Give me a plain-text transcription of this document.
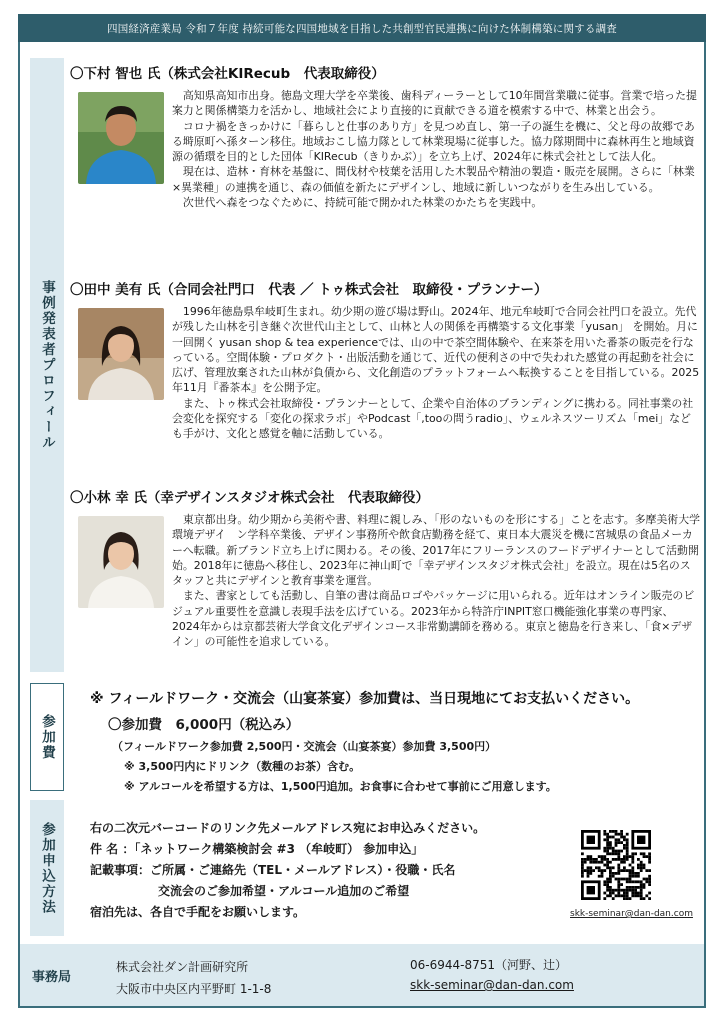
四国経済産業局 令和７年度 持続可能な四国地域を目指した共創型官民連携に向けた体制構築に関する調査
事例発表者プロフィール
参加費
参加申込方法
〇下村 智也 氏（株式会社KIRecub　代表取締役）

高知県高知市出身。徳島文理大学を卒業後、歯科ディーラーとして10年間営業職に従事。営業で培った提案力と関係構築力を活かし、地域社会により直接的に貢献できる道を模索する中で、林業と出会う。

コロナ禍をきっかけに「暮らしと仕事のあり方」を見つめ直し、第一子の誕生を機に、父と母の故郷である塒原町へ孫ターン移住。地域おこし協力隊として林業現場に従事した。協力隊期間中に森林再生と地域資源の循環を目的とした団体「KIRecub（きりかぶ）」を立ち上げ、2024年に株式会社として法人化。

現在は、造林・育林を基盤に、間伐材や枝葉を活用した木製品や精油の製造・販売を展開。さらに「林業×異業種」の連携を通じ、森の価値を新たにデザインし、地域に新しいつながりを生み出している。

次世代へ森をつなぐために、持続可能で開かれた林業のかたちを実践中。

〇田中 美有 氏（合同会社門口　代表 ／ トゥ株式会社　取締役・プランナー）

1996年徳島県牟岐町生まれ。幼少期の遊び場は野山。2024年、地元牟岐町で合同会社門口を設立。先代が残した山林を引き継ぐ次世代山主として、山林と人の関係を再構築する文化事業「yusan」 を開始。月に一回開く yusan shop & tea experienceでは、山の中で茶空間体験や、在来茶を用いた番茶の販売を行なっている。空間体験・プロダクト・出版活動を通じて、近代の便利さの中で失われた感覚の再起動を社会に広げ、管理放棄された山林が負債から、文化創造のプラットフォームへ転換することを目指している。2025年11月『番茶本』を公開予定。

また、トゥ株式会社取締役・プランナーとして、企業や自治体のブランディングに携わる。同社事業の社会変化を探究する「変化の探求ラボ」やPodcast「,tooの問うradio」、ウェルネスツーリズム「mei」なども手がけ、文化と感覚を軸に活動している。

〇小林 幸 氏（幸デザインスタジオ株式会社　代表取締役）

東京都出身。幼少期から美術や書、料理に親しみ、「形のないものを形にする」ことを志す。多摩美術大学環境デザイ　ン学科卒業後、デザイン事務所や飲食店勤務を経て、東日本大震災を機に宮城県の食品メーカーへ転職。新ブランド立ち上げに関わる。その後、2017年にフリーランスのフードデザイナーとして活動開始。2018年に徳島へ移住し、2023年に神山町で「幸デザインスタジオ株式会社」を設立。現在は5名のスタッフと共にデザインと教育事業を運営。

また、書家としても活動し、自筆の書は商品ロゴやパッケージに用いられる。近年はオンライン販売のビジュアル重要性を意識し表現手法を広げている。2023年から特許庁INPIT窓口機能強化事業の専門家、2024年からは京都芸術大学食文化デザインコース非常勤講師を務める。東京と徳島を行き来し、「食×デザイン」の可能性を追求している。

※ フィールドワーク・交流会（山宴茶宴）参加費は、当日現地にてお支払いください。
〇参加費　6,000円（税込み）
（フィールドワーク参加費 2,500円・交流会（山宴茶宴）参加費 3,500円）
※ 3,500円内にドリンク（数種のお茶）含む。
※ アルコールを希望する方は、1,500円追加。お食事に合わせて事前にご用意します。
右の二次元バーコードのリンク先メールアドレス宛にお申込みください。
件 名 ：「ネットワーク構築検討会 #3 （牟岐町） 参加申込」
記載事項：ご所属・ご連絡先（TEL・メールアドレス）・役職・氏名
交流会のご参加希望・アルコール追加のご希望
宿泊先は、各自で手配をお願いします。	skk-seminar@dan-dan.com
事務局
株式会社ダン計画研究所
大阪市中央区内平野町 1-1-8
06-6944-8751（河野、辻）
skk-seminar@dan-dan.com
